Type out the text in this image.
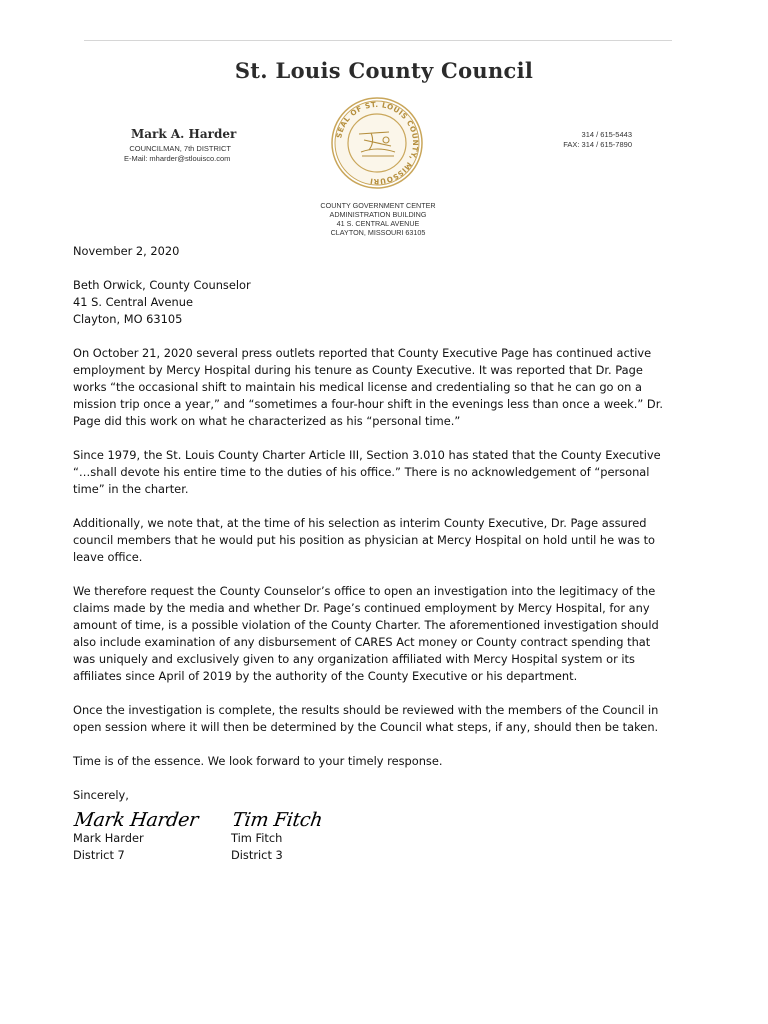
St. Louis County Council
Mark A. Harder
COUNCILMAN, 7th DISTRICT
E-Mail: mharder@stlouisco.com
SEAL OF ST. LOUIS COUNTY, MISSOURI
314 / 615-5443
FAX: 314 / 615-7890
COUNTY GOVERNMENT CENTER
ADMINISTRATION BUILDING
41 S. CENTRAL AVENUE
CLAYTON, MISSOURI 63105

November 2, 2020

Beth Orwick, County Counselor

41 S. Central Avenue

Clayton, MO 63105

On October 21, 2020 several press outlets reported that County Executive Page has continued active employment by Mercy Hospital during his tenure as County Executive. It was reported that Dr. Page works “the occasional shift to maintain his medical license and credentialing so that he can go on a mission trip once a year,” and “sometimes a four-hour shift in the evenings less than once a week.” Dr. Page did this work on what he characterized as his “personal time.”

Since 1979, the St. Louis County Charter Article III, Section 3.010 has stated that the County Executive “…shall devote his entire time to the duties of his office.” There is no acknowledgement of “personal time” in the charter.

Additionally, we note that, at the time of his selection as interim County Executive, Dr. Page assured council members that he would put his position as physician at Mercy Hospital on hold until he was to leave office.

We therefore request the County Counselor’s office to open an investigation into the legitimacy of the claims made by the media and whether Dr. Page’s continued employment by Mercy Hospital, for any amount of time, is a possible violation of the County Charter. The aforementioned investigation should also include examination of any disbursement of CARES Act money or County contract spending that was uniquely and exclusively given to any organization affiliated with Mercy Hospital system or its affiliates since April of 2019 by the authority of the County Executive or his department.

Once the investigation is complete, the results should be reviewed with the members of the Council in open session where it will then be determined by the Council what steps, if any, should then be taken.

Time is of the essence. We look forward to your timely response.

Sincerely,

Mark Harder
Mark Harder
District 7
Tim Fitch
Tim Fitch
District 3
